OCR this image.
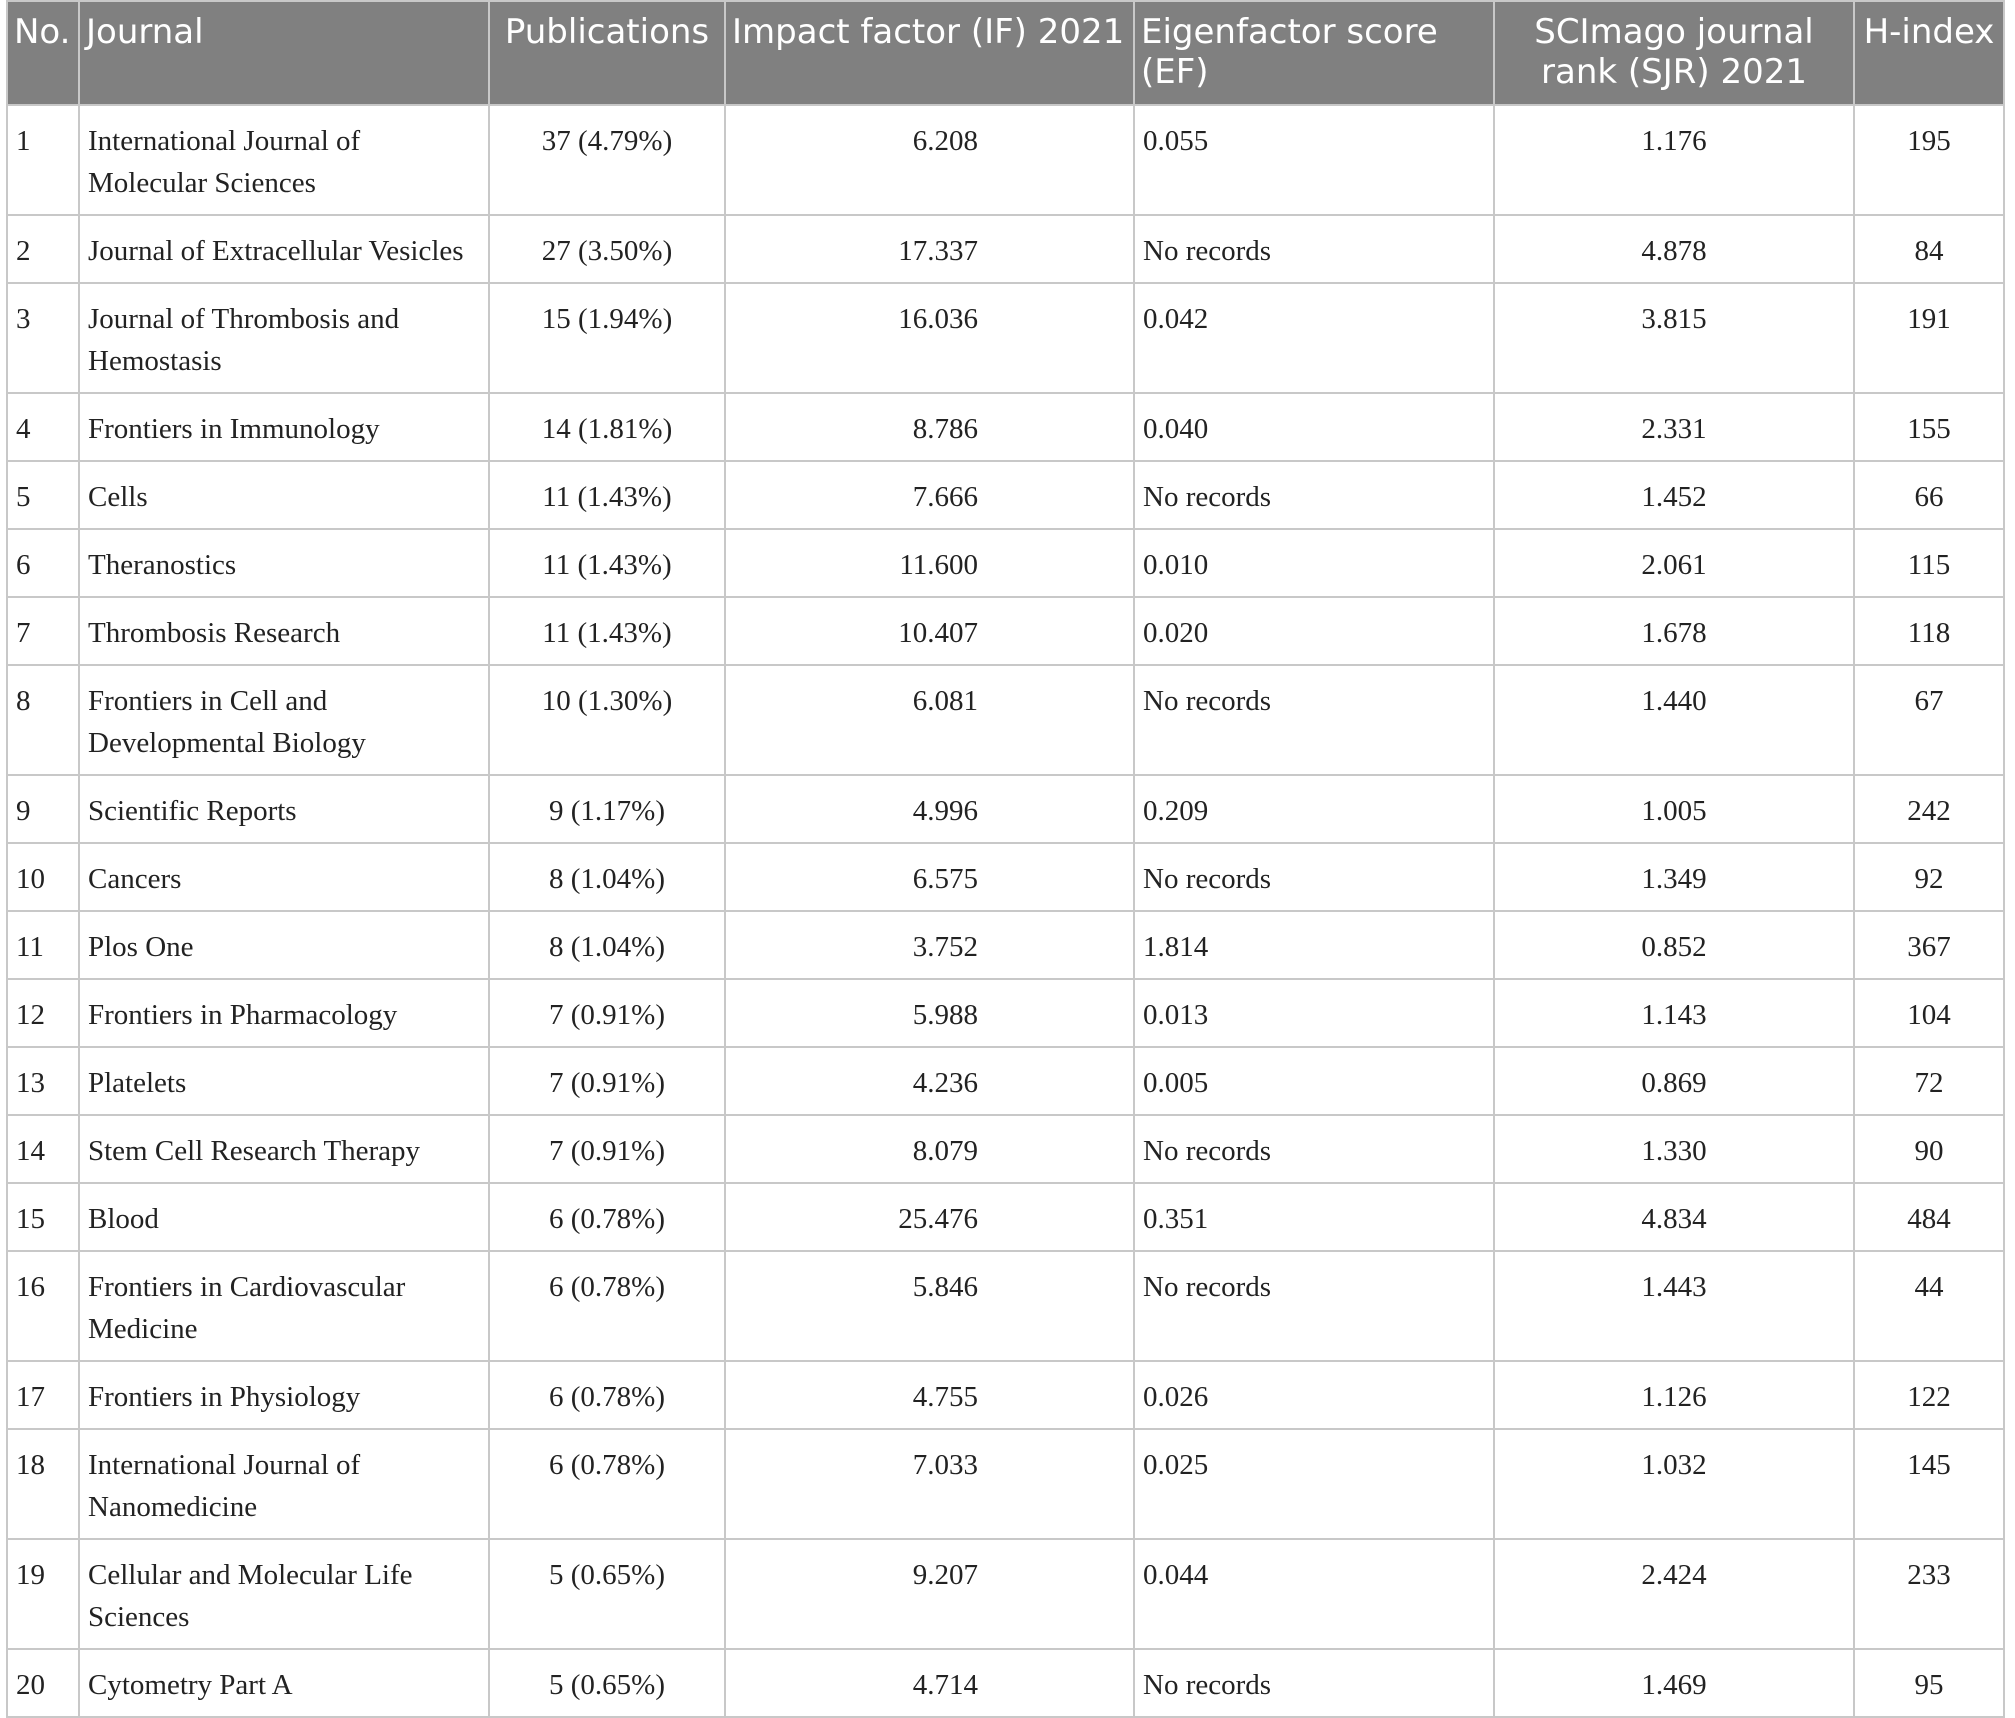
No.	Journal	Publications	Impact factor (IF) 2021	Eigenfactor score (EF)	SCImago journal rank (SJR) 2021	H-index
1	International Journal of Molecular Sciences	37 (4.79%)	6.208	0.055	1.176	195
2	Journal of Extracellular Vesicles	27 (3.50%)	17.337	No records	4.878	84
3	Journal of Thrombosis and Hemostasis	15 (1.94%)	16.036	0.042	3.815	191
4	Frontiers in Immunology	14 (1.81%)	8.786	0.040	2.331	155
5	Cells	11 (1.43%)	7.666	No records	1.452	66
6	Theranostics	11 (1.43%)	11.600	0.010	2.061	115
7	Thrombosis Research	11 (1.43%)	10.407	0.020	1.678	118
8	Frontiers in Cell and Developmental Biology	10 (1.30%)	6.081	No records	1.440	67
9	Scientific Reports	9 (1.17%)	4.996	0.209	1.005	242
10	Cancers	8 (1.04%)	6.575	No records	1.349	92
11	Plos One	8 (1.04%)	3.752	1.814	0.852	367
12	Frontiers in Pharmacology	7 (0.91%)	5.988	0.013	1.143	104
13	Platelets	7 (0.91%)	4.236	0.005	0.869	72
14	Stem Cell Research Therapy	7 (0.91%)	8.079	No records	1.330	90
15	Blood	6 (0.78%)	25.476	0.351	4.834	484
16	Frontiers in Cardiovascular Medicine	6 (0.78%)	5.846	No records	1.443	44
17	Frontiers in Physiology	6 (0.78%)	4.755	0.026	1.126	122
18	International Journal of Nanomedicine	6 (0.78%)	7.033	0.025	1.032	145
19	Cellular and Molecular Life Sciences	5 (0.65%)	9.207	0.044	2.424	233
20	Cytometry Part A	5 (0.65%)	4.714	No records	1.469	95
